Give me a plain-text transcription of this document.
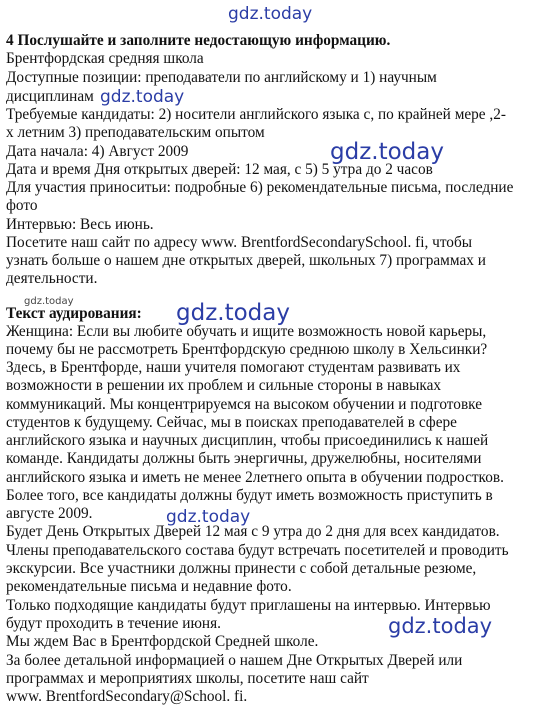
4 Послушайте и заполните недостающую информацию.
Брентфордская средняя школа
Доступные позиции: преподаватели по английскому и 1) научным
дисциплинам
Требуемые кандидаты: 2) носители английского языка с, по крайней мере ,2-
х летним 3) преподавательским опытом
Дата начала: 4) Август 2009
Дата и время Дня открытых дверей: 12 мая, с 5) 5 утра до 2 часов
Для участия приноситьи: подробные 6) рекомендательные письма, последние
фото
Интервью: Весь июнь.
Посетите наш сайт по адресу www. BrentfordSecondarySchool. fi, чтобы
узнать больше о нашем дне открытых дверей, школьных 7) программах и
деятельности.
Текст аудирования:
Женщина: Если вы любите обучать и ищите возможность новой карьеры,
почему бы не рассмотреть Брентфордскую среднюю школу в Хельсинки?
Здесь, в Брентфорде, наши учителя помогают студентам развивать их
возможности в решении их проблем и сильные стороны в навыках
коммуникаций. Мы концентрируемся на высоком обучении и подготовке
студентов к будущему. Сейчас, мы в поисках преподавателей в сфере
английского языка и научных дисциплин, чтобы присоединились к нашей
команде. Кандидаты должны быть энергичны, дружелюбны, носителями
английского языка и иметь не менее 2летнего опыта в обучении подростков.
Более того, все кандидаты должны будут иметь возможность приступить в
августе 2009.
Будет День Открытых Дверей 12 мая с 9 утра до 2 дня для всех кандидатов.
Члены преподавательского состава будут встречать посетителей и проводить
экскурсии. Все участники должны принести с собой детальные резюме,
рекомендательные письма и недавние фото.
Только подходящие кандидаты будут приглашены на интервью. Интервью
будут проходить в течение июня.
Мы ждем Вас в Брентфордской Средней школе.
За более детальной информацией о нашем Дне Открытых Дверей или
программах и мероприятиях школы, посетите наш сайт
www. BrentfordSecondary@School. fi.
gdz.today
gdz.today
gdz.today
gdz.today	gdz.today
gdz.today
gdz.today
